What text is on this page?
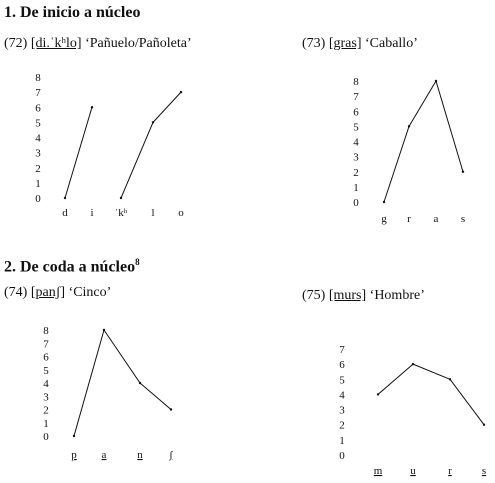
1. De inicio a núcleo
(72) [di.ˈkʰlo] ‘Pañuelo/Pañoleta’	(73) [gras] ‘Caballo’
2. De coda a núcleo$^8$
(74) [panʃ] ‘Cinco’	(75) [murs] ‘Hombre’
0
1
2
3
4
5
6
7
8
d i ˈkʰ l o
0
1
2
3
4
5
6
7
8
g r a s
0
1
2
3
4
5
6
7
8
p a	n ʃ	0
1
2
3
4
5
6
7
m	u	r	s
